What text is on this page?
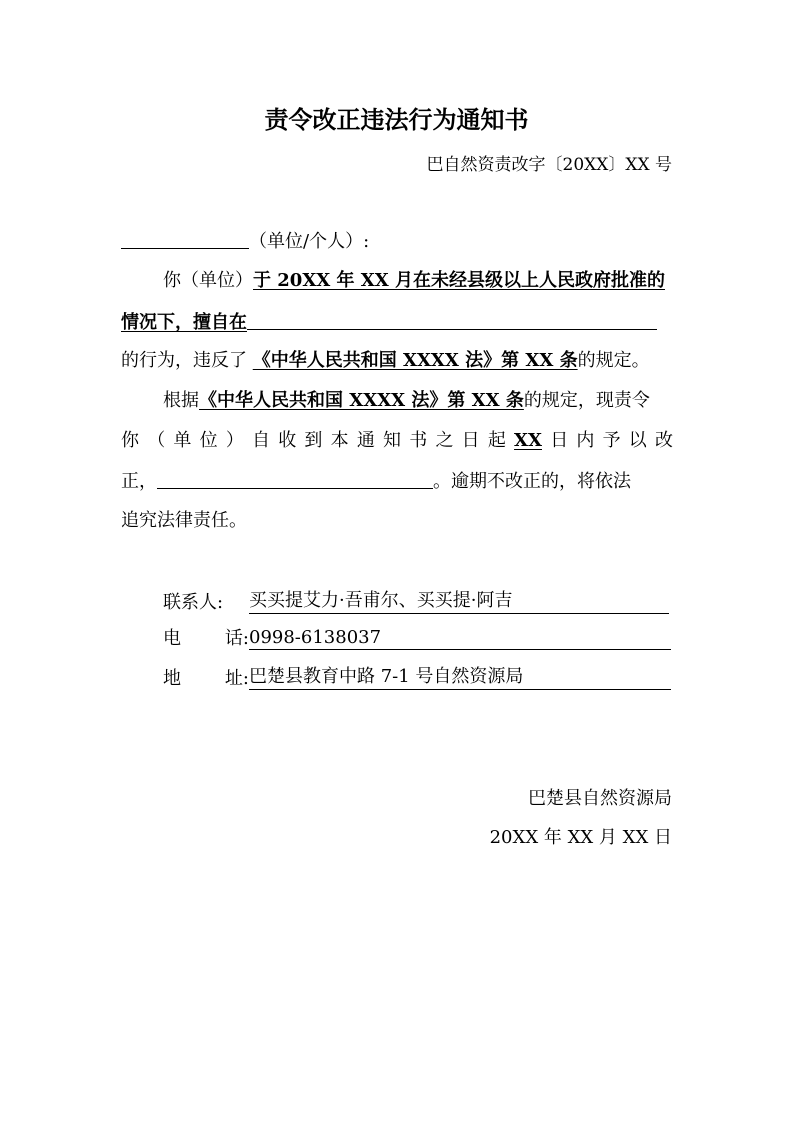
责令改正违法行为通知书
巴自然资责改字〔20XX〕XX 号
（单位/个人）:
你（单位）于 20XX 年 XX 月在未经县级以上人民政府批准的
情况下，擅自在
的行为，违反了 《中华人民共和国 XXXX 法》第 XX 条的规定。
根据《中华人民共和国 XXXX 法》第 XX 条的规定，现责令
你 （ 单 位 ） 自 收 到 本 通 知 书 之 日 起 XX 日 内 予 以 改
正，	。逾期不改正的，将依法
追究法律责任。
联系人:	买买提艾力·吾甫尔、买买提·阿吉
电 话: 0998-6138037
地 址: 巴楚县教育中路 7-1 号自然资源局
巴楚县自然资源局
20XX 年 XX 月 XX 日
